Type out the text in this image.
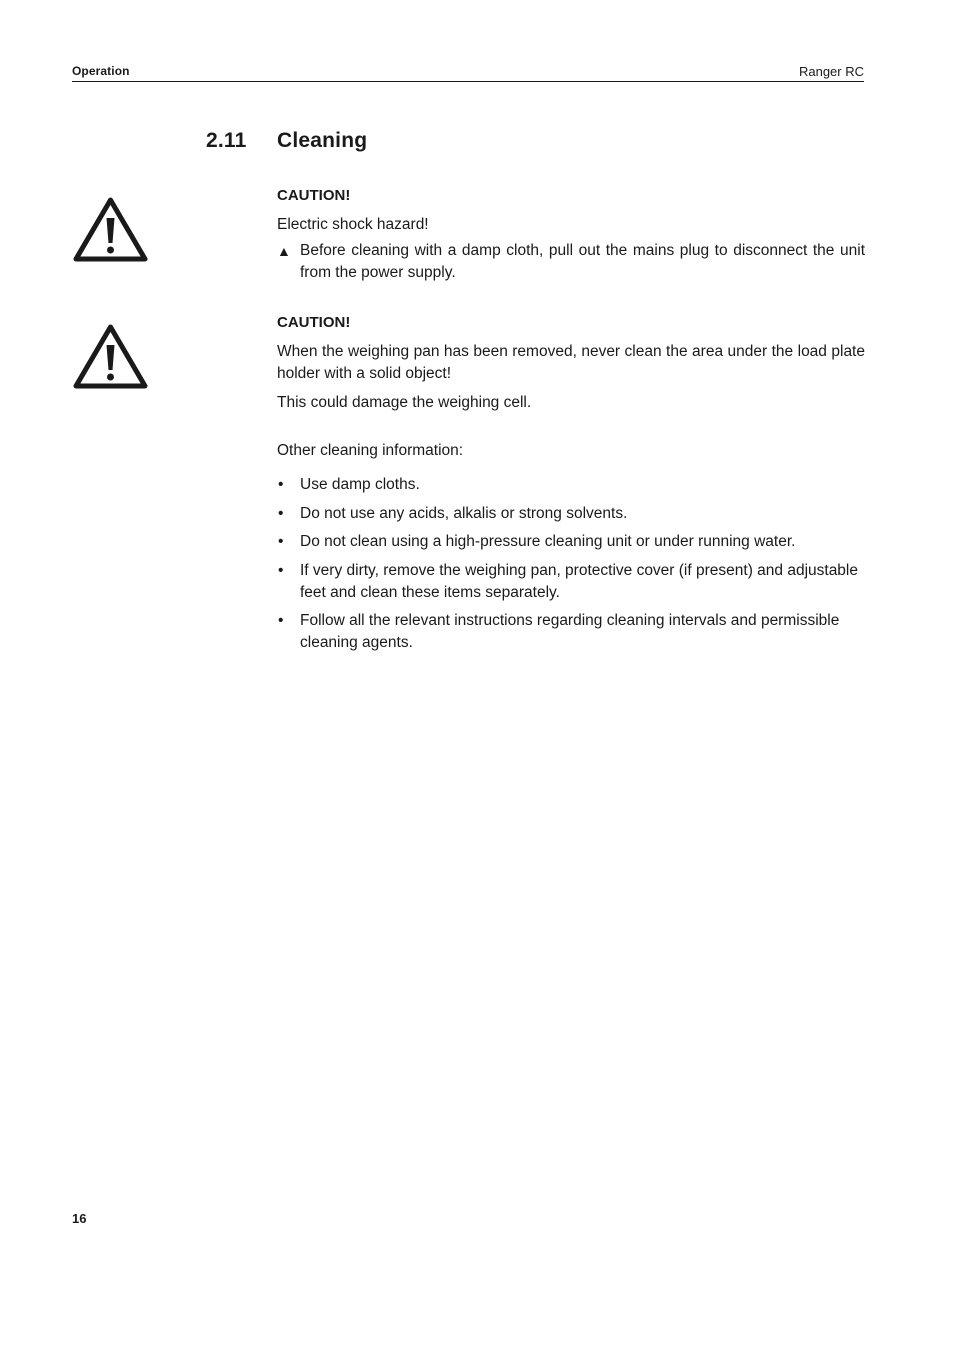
Operation	Ranger RC
2.11 Cleaning

CAUTION!

Electric shock hazard!

▲ Before cleaning with a damp cloth, pull out the mains plug to disconnect the unit from the power supply.

CAUTION!

When the weighing pan has been removed, never clean the area under the load plate holder with a solid object!

This could damage the weighing cell.

Other cleaning information:

• Use damp cloths.
• Do not use any acids, alkalis or strong solvents.
• Do not clean using a high-pressure cleaning unit or under running water.
• If very dirty, remove the weighing pan, protective cover (if present) and adjustable feet and clean these items separately.
• Follow all the relevant instructions regarding cleaning intervals and permissible cleaning agents.
16
